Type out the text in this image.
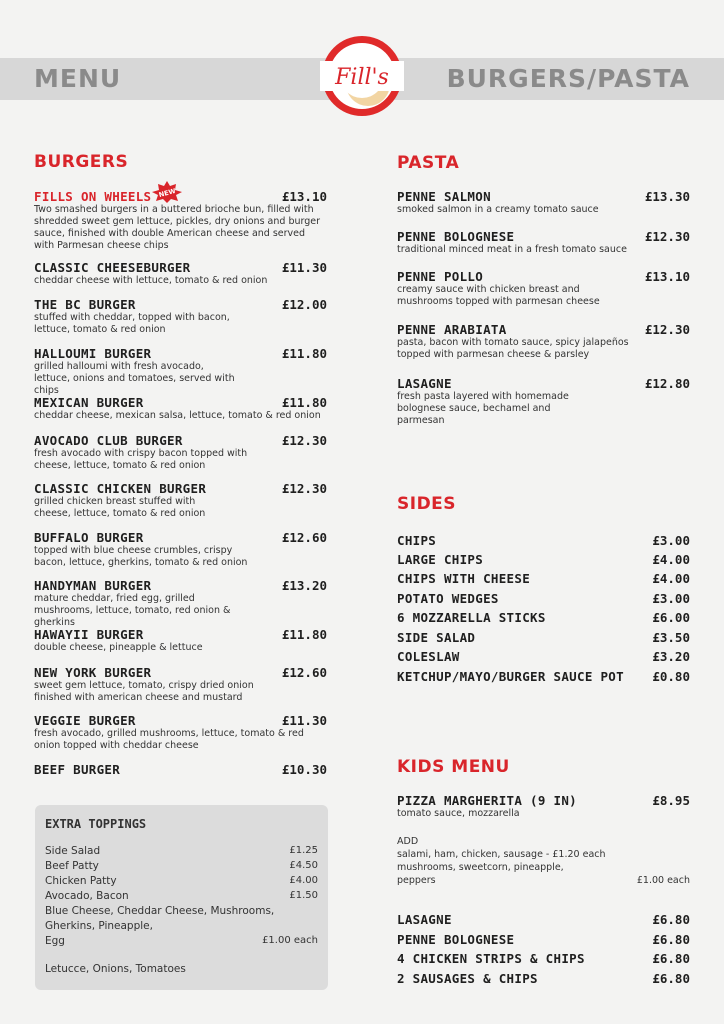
MENU	BURGERS/PASTA
Fill's
BURGERS
FILLS ON WHEELS	NEW	£13.10
Two smashed burgers in a buttered brioche bun, filled with shredded sweet gem lettuce, pickles, dry onions and burger sauce, finished with double American cheese and served with Parmesan cheese chips
CLASSIC CHEESEBURGER	£11.30
cheddar cheese with lettuce, tomato & red onion
THE BC BURGER	£12.00
stuffed with cheddar, topped with bacon, lettuce, tomato & red onion
HALLOUMI BURGER	£11.80
grilled halloumi with fresh avocado, lettuce, onions and tomatoes, served with chips
MEXICAN BURGER	£11.80
cheddar cheese, mexican salsa, lettuce, tomato & red onion
AVOCADO CLUB BURGER	£12.30
fresh avocado with crispy bacon topped with cheese, lettuce, tomato & red onion
CLASSIC CHICKEN BURGER	£12.30
grilled chicken breast stuffed with cheese, lettuce, tomato & red onion
BUFFALO BURGER	£12.60
topped with blue cheese crumbles, crispy bacon, lettuce, gherkins, tomato & red onion
HANDYMAN BURGER	£13.20
mature cheddar, fried egg, grilled mushrooms, lettuce, tomato, red onion & gherkins
HAWAYII BURGER	£11.80
double cheese, pineapple & lettuce
NEW YORK BURGER	£12.60
sweet gem lettuce, tomato, crispy dried onion finished with american cheese and mustard
VEGGIE BURGER	£11.30
fresh avocado, grilled mushrooms, lettuce, tomato & red onion topped with cheddar cheese
BEEF BURGER	£10.30
EXTRA TOPPINGS
Side Salad	£1.25
Beef Patty	£4.50
Chicken Patty	£4.00
Avocado, Bacon	£1.50
Blue Cheese, Cheddar Cheese, Mushrooms,
Gherkins, Pineapple,
Egg	£1.00 each
Letucce, Onions, Tomatoes
PASTA
PENNE SALMON	£13.30
smoked salmon in a creamy tomato sauce
PENNE BOLOGNESE	£12.30
traditional minced meat in a fresh tomato sauce
PENNE POLLO	£13.10
creamy sauce with chicken breast and mushrooms topped with parmesan cheese
PENNE ARABIATA	£12.30
pasta, bacon with tomato sauce, spicy jalapeños topped with parmesan cheese & parsley
LASAGNE	£12.80
fresh pasta layered with homemade bolognese sauce, bechamel and parmesan
SIDES
CHIPS	£3.00
LARGE CHIPS	£4.00
CHIPS WITH CHEESE	£4.00
POTATO WEDGES	£3.00
6 MOZZARELLA STICKS	£6.00
SIDE SALAD	£3.50
COLESLAW	£3.20
KETCHUP/MAYO/BURGER SAUCE POT	£0.80
KIDS MENU
PIZZA MARGHERITA (9 IN)	£8.95
tomato sauce, mozzarella
ADD
salami, ham, chicken, sausage - £1.20 each
mushrooms, sweetcorn, pineapple,
peppers	£1.00 each
LASAGNE	£6.80
PENNE BOLOGNESE	£6.80
4 CHICKEN STRIPS & CHIPS	£6.80
2 SAUSAGES & CHIPS	£6.80
